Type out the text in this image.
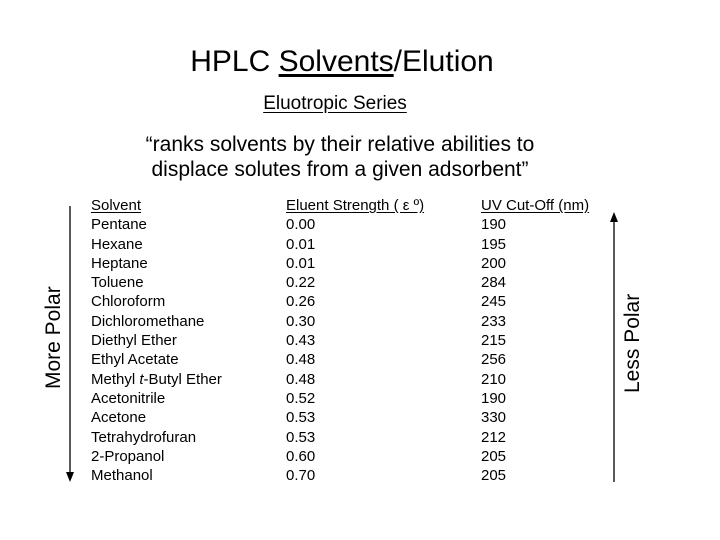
HPLC Solvents/Elution
Eluotropic Series
“ranks solvents by their relative abilities to displace solutes from a given adsorbent”
Solvent	Eluent Strength ( ε º)	UV Cut-Off (nm)
Pentane	0.00	190
Hexane	0.01	195
Heptane	0.01	200
Toluene	0.22	284
Chloroform	0.26	245
Dichloromethane	0.30	233
Diethyl Ether	0.43	215
Ethyl Acetate	0.48	256
Methyl t-Butyl Ether	0.48	210
Acetonitrile	0.52	190
Acetone	0.53	330
Tetrahydrofuran	0.53	212
2-Propanol	0.60	205
Methanol	0.70	205
More Polar	Less Polar
